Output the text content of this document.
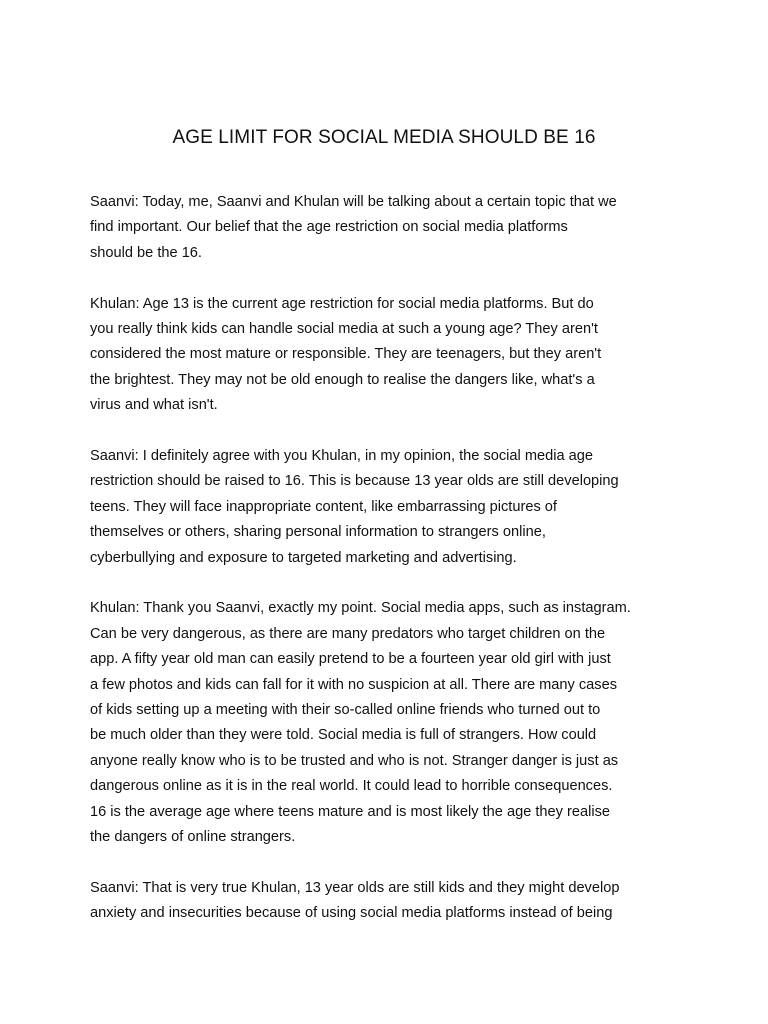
AGE LIMIT FOR SOCIAL MEDIA SHOULD BE 16

Saanvi: Today, me, Saanvi and Khulan will be talking about a certain topic that we
find important. Our belief that the age restriction on social media platforms
should be the 16.

Khulan: Age 13 is the current age restriction for social media platforms. But do
you really think kids can handle social media at such a young age? They aren't
considered the most mature or responsible. They are teenagers, but they aren't
the brightest. They may not be old enough to realise the dangers like, what's a
virus and what isn't.

Saanvi: I definitely agree with you Khulan, in my opinion, the social media age
restriction should be raised to 16. This is because 13 year olds are still developing
teens. They will face inappropriate content, like embarrassing pictures of
themselves or others, sharing personal information to strangers online,
cyberbullying and exposure to targeted marketing and advertising.

Khulan: Thank you Saanvi, exactly my point. Social media apps, such as instagram.
Can be very dangerous, as there are many predators who target children on the
app. A fifty year old man can easily pretend to be a fourteen year old girl with just
a few photos and kids can fall for it with no suspicion at all. There are many cases
of kids setting up a meeting with their so-called online friends who turned out to
be much older than they were told. Social media is full of strangers. How could
anyone really know who is to be trusted and who is not. Stranger danger is just as
dangerous online as it is in the real world. It could lead to horrible consequences.
16 is the average age where teens mature and is most likely the age they realise
the dangers of online strangers.

Saanvi: That is very true Khulan, 13 year olds are still kids and they might develop
anxiety and insecurities because of using social media platforms instead of being
